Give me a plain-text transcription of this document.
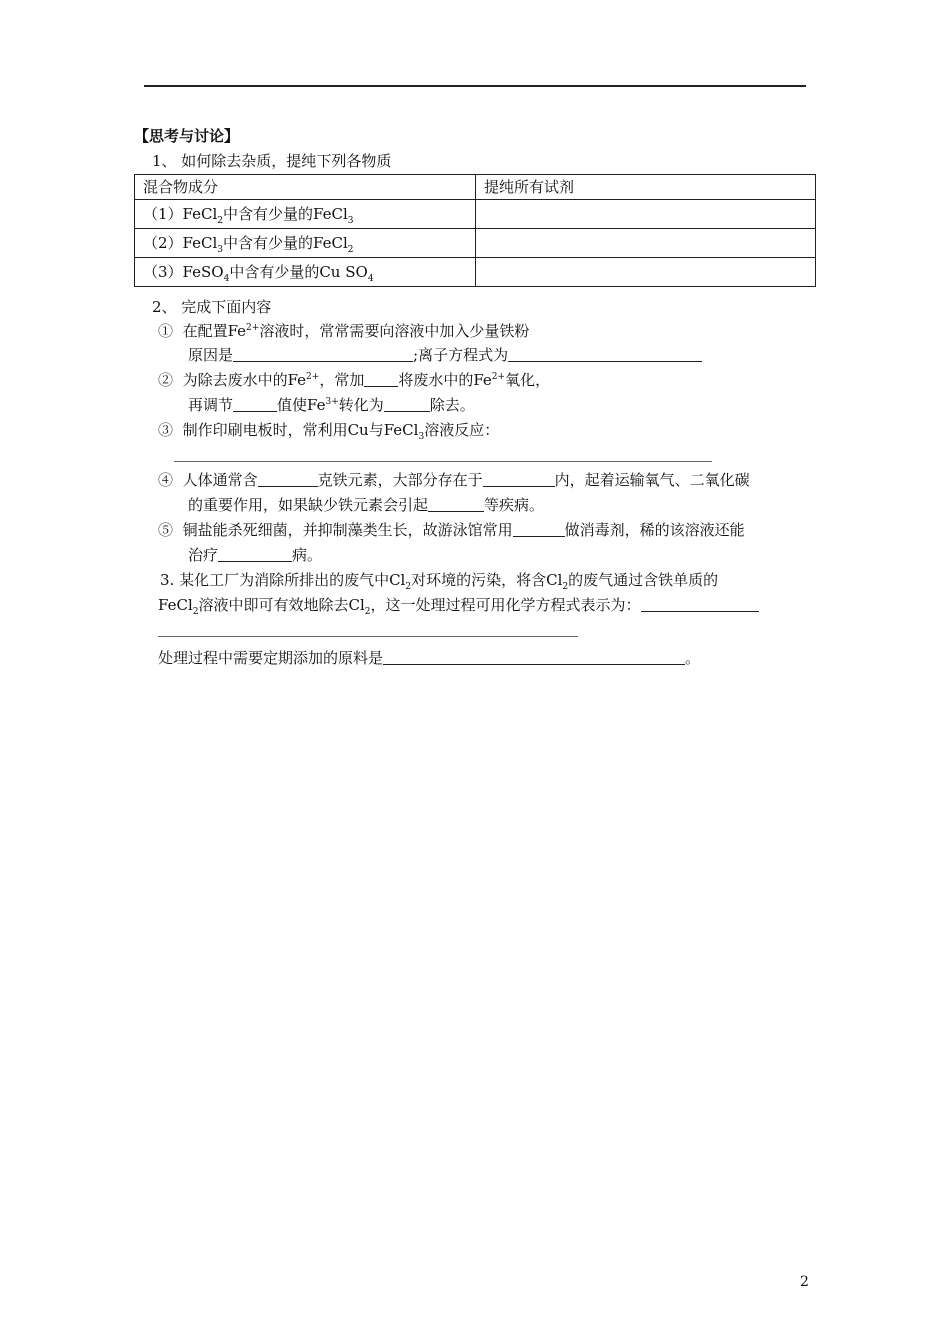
【思考与讨论】
1、 如何除去杂质，提纯下列各物质
混合物成分	提纯所有试剂
（1）FeCl$_2$中含有少量的FeCl$_3$	
（2）FeCl$_3$中含有少量的FeCl$_2$	
（3）FeSO$_4$中含有少量的Cu $SO_4$	
2、 完成下面内容
① 在配置$Fe^{2+}$溶液时，常常需要向溶液中加入少量铁粉
原因是	;离子方程式为
② 为除去废水中的$Fe^{2+}$，常加 将废水中的$Fe^{2+}$氧化，
再调节	值使$Fe^{3+}$转化为	除去。
③ 制作印刷电板时，常利用Cu与FeCl$_3$溶液反应：
④ 人体通常含	克铁元素，大部分存在于	内，起着运输氧气、二氧化碳
的重要作用，如果缺少铁元素会引起	等疾病。
⑤ 铜盐能杀死细菌，并抑制藻类生长，故游泳馆常用	做消毒剂，稀的该溶液还能
治疗	病。
3. 某化工厂为消除所排出的废气中$Cl_2$对环境的污染，将含$Cl_2$的废气通过含铁单质的
FeCl$_2$溶液中即可有效地除去$Cl_2$，这一处理过程可用化学方程式表示为：
处理过程中需要定期添加的原料是	。
2
